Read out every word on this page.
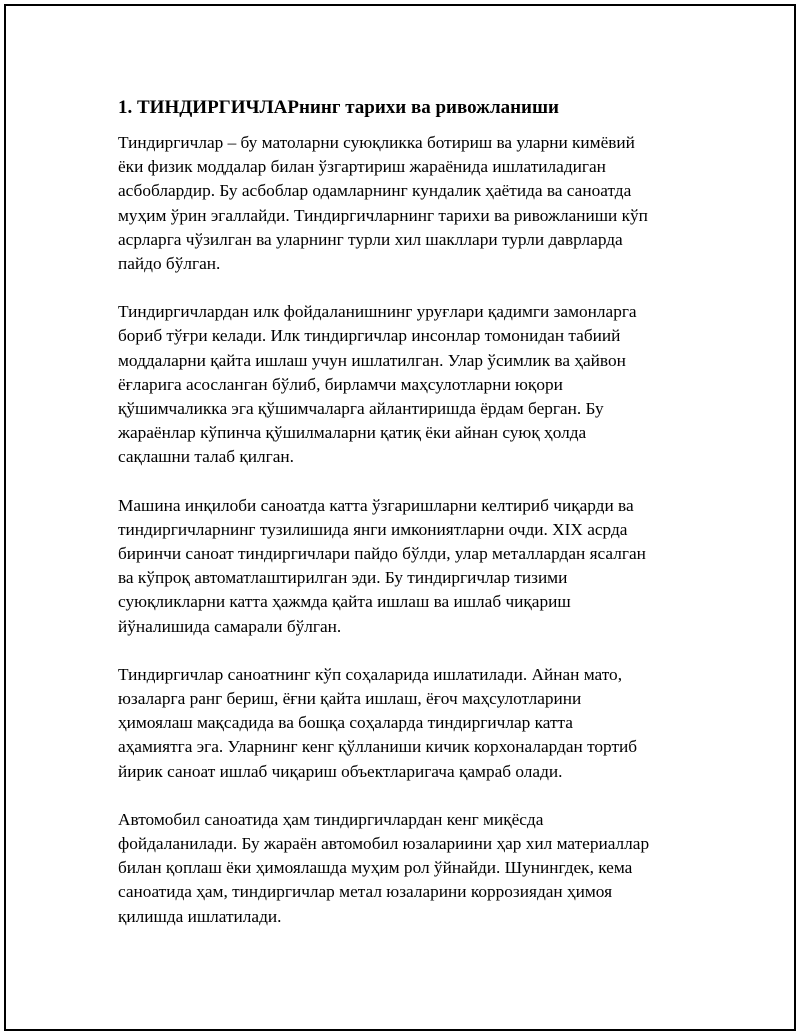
1. ТИНДИРГИЧЛАРнинг тарихи ва ривожланиши

Тиндиргичлар – бу матоларни суюқликка ботириш ва уларни кимёвий
ёки физик моддалар билан ўзгартириш жараёнида ишлатиладиган
асбоблардир. Бу асбоблар одамларнинг кундалик ҳаётида ва саноатда
муҳим ўрин эгаллайди. Тиндиргичларнинг тарихи ва ривожланиши кўп
асрларга чўзилган ва уларнинг турли хил шакллари турли даврларда
пайдо бўлган.

Тиндиргичлардан илк фойдаланишнинг уруғлари қадимги замонларга
бориб тўғри келади. Илк тиндиргичлар инсонлар томонидан табиий
моддаларни қайта ишлаш учун ишлатилган. Улар ўсимлик ва ҳайвон
ёғларига асосланган бўлиб, бирламчи маҳсулотларни юқори
қўшимчаликка эга қўшимчаларга айлантиришда ёрдам берган. Бу
жараёнлар кўпинча қўшилмаларни қатиқ ёки айнан суюқ ҳолда
сақлашни талаб қилган.

Машина инқилоби саноатда катта ўзгаришларни келтириб чиқарди ва
тиндиргичларнинг тузилишида янги имкониятларни очди. XIX асрда
биринчи саноат тиндиргичлари пайдо бўлди, улар металлардан ясалган
ва кўпроқ автоматлаштирилган эди. Бу тиндиргичлар тизими
суюқликларни катта ҳажмда қайта ишлаш ва ишлаб чиқариш
йўналишида самарали бўлган.

Тиндиргичлар саноатнинг кўп соҳаларида ишлатилади. Айнан мато,
юзаларга ранг бериш, ёғни қайта ишлаш, ёғоч маҳсулотларини
ҳимоялаш мақсадида ва бошқа соҳаларда тиндиргичлар катта
аҳамиятга эга. Уларнинг кенг қўлланиши кичик корхоналардан тортиб
йирик саноат ишлаб чиқариш объектларигача қамраб олади.

Автомобил саноатида ҳам тиндиргичлардан кенг миқёсда
фойдаланилади. Бу жараён автомобил юзалариини ҳар хил материаллар
билан қоплаш ёки ҳимоялашда муҳим рол ўйнайди. Шунингдек, кема
саноатида ҳам, тиндиргичлар метал юзаларини коррозиядан ҳимоя
қилишда ишлатилади.
